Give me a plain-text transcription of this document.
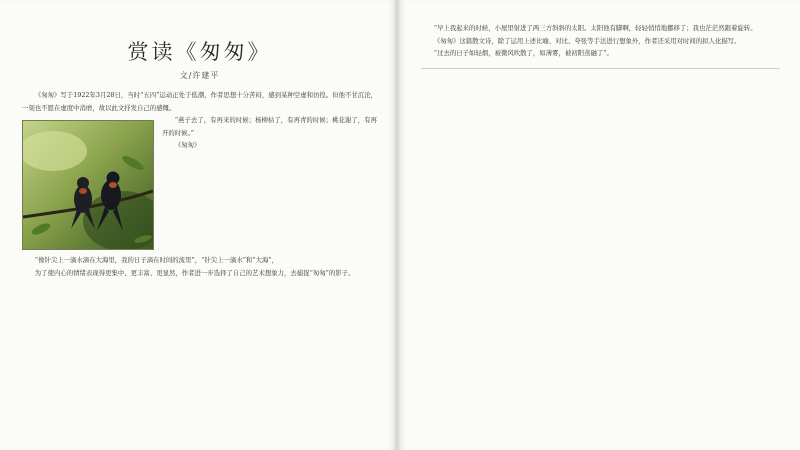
赏读《匆匆》
文/许建平

《匆匆》写于1922年3月28日，当时“五四”运动正处于低潮，作者思想十分苦闷，感到某种空虚和彷徨。但他不甘沉沦，一刻也不愿在虚度中消磨，故以此文抒发自己的感慨。

“燕子去了，有再来的时候；杨柳枯了，有再青的时候；桃花谢了，有再开的时候。”

《匆匆》

“像针尖上一滴水滴在大海里，我的日子滴在时间的流里”，“针尖上一滴水”和“大海”，

为了使内心的情绪表现得更集中、更丰富、更显然，作者进一步选择了自己的艺术想象力，去捕捉“匆匆”的影子。

“早上我起来的时候，小屋里射进了两三方斜斜的太阳。太阳他有脚啊，轻轻悄悄地挪移了；我也茫茫然跟着旋转。

《匆匆》这篇散文诗，除了运用上述比喻、对比、夸张等手法进行想象外，作者还采用对时间的拟人化描写。

“过去的日子如轻烟，被微风吹散了，如薄雾，被初阳蒸融了”。
